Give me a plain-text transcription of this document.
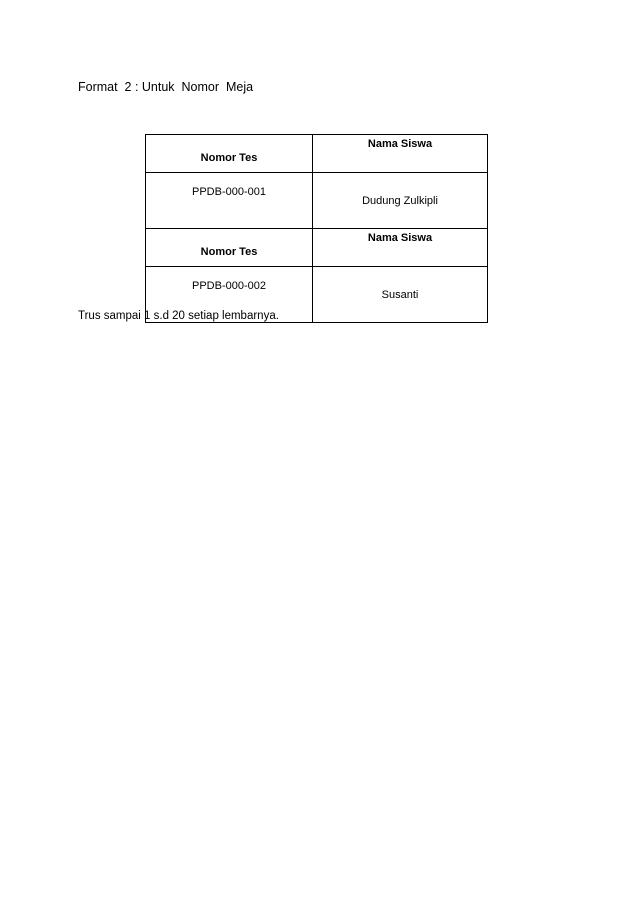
Format  2 : Untuk  Nomor  Meja
Nomor Tes	Nama Siswa
PPDB-000-001	Dudung Zulkipli
Nomor Tes	Nama Siswa
PPDB-000-002	Susanti
Trus sampai 1 s.d 20 setiap lembarnya.
